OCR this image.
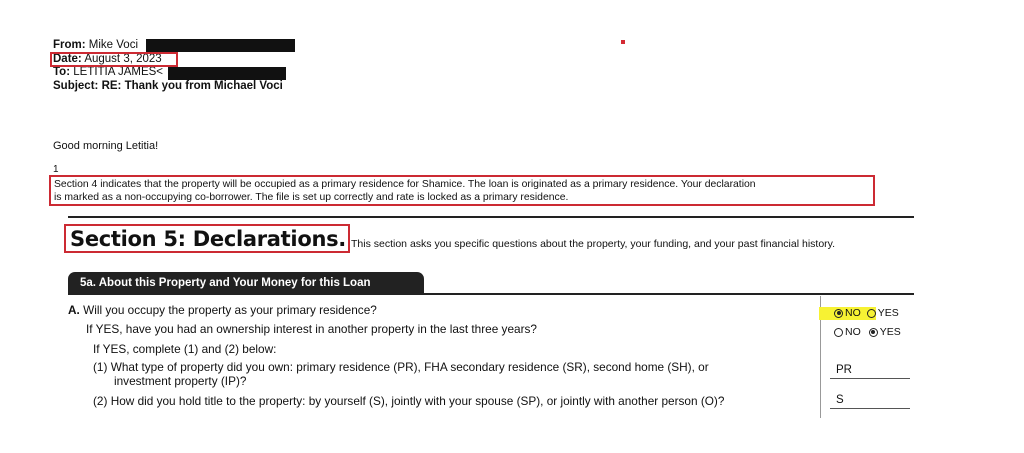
From: Mike Voci
Date: August 3, 2023
To: LETITIA JAMES<
Subject: RE: Thank you from Michael Voci
Good morning Letitia!
1
Section 4 indicates that the property will be occupied as a primary residence for Shamice. The loan is originated as a primary residence. Your declaration
is marked as a non-occupying co-borrower. The file is set up correctly and rate is locked as a primary residence.
Section 5: Declarations. This section asks you specific questions about the property, your funding, and your past financial history.
5a. About this Property and Your Money for this Loan
A. Will you occupy the property as your primary residence?
If YES, have you had an ownership interest in another property in the last three years?
If YES, complete (1) and (2) below:
(1) What type of property did you own: primary residence (PR), FHA secondary residence (SR), second home (SH), or
investment property (IP)?
(2) How did you hold title to the property: by yourself (S), jointly with your spouse (SP), or jointly with another person (O)?
NO YES
NO YES
PR
S
